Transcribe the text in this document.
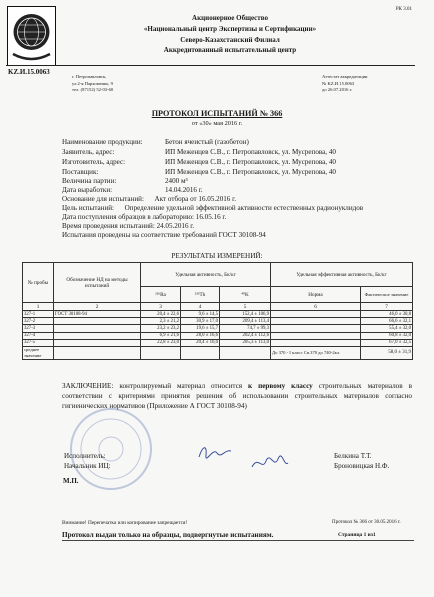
KZ.И.15.0063
РК 3.01
Акционерное Общество
«Национальный центр Экспертизы и Сертификации»
Северо-Казахстанский Филиал
Аккредитованный испытательный центр
г. Петропавловск,
ул.2-я Пархоменко, 9
тел. (87152) 52-03-60
Аттестат аккредитации
№ KZ.И.15.0063
до 26.07.2016 г.
ПРОТОКОЛ ИСПЫТАНИЙ № 366
от «30» мая 2016 г.
Наименование продукции:	Бетон ячеистый (газобетон)
Заявитель, адрес:	ИП Меженцев С.В., г. Петропавловск, ул. Мусрепова, 40
Изготовитель, адрес:	ИП Меженцев С.В., г. Петропавловск, ул. Мусрепова, 40
Поставщик:	ИП Меженцев С.В., г. Петропавловск, ул. Мусрепова, 40
Величина партии:	2400 м³
Дата выработки:	14.04.2016 г.
Основание для испытаний:      Акт отбора от 16.05.2016 г.
Цель испытаний:      Определение удельной эффективной активности естественных радионуклидов
Дата поступления образцов в лабораторию: 16.05.16 г.
Время проведения испытаний: 24.05.2016 г.
Испытания проведены на соответствие требований ГОСТ 30108-94
РЕЗУЛЬТАТЫ ИЗМЕРЕНИЙ:
№ пробы	Обозначение НД на методы испытаний	Удельная активность, Бк/кг			Удельная эффективная активность, Бк/кг	
		²²⁶Ra	²³²Th	⁴⁰K	Норма	Фактическое значение
1	2	3	4	5	6	7
327-1	ГОСТ 30108-94	20,4 ± 22,6	9,6 ± 14,5	152,4 ± 106,9		46,0 ± 30,8
327-2		2,3 ± 21,2	30,9 ± 17,0	209,4 ± 113,4		66,6 ± 32,1
327-3		23,2 ± 23,2	19,6 ± 15,7	74,7 ± 99,3		55,4 ± 32,0
327-4		6,9 ± 21,6	28,0 ± 16,6	202,4 ± 112,6		60,8 ± 32,0
327-5		22,8 ± 23,0	20,4 ± 16,0	205,3 ± 113,0		67,0 ± 32,5
среднее значение					До 370 - I класс Св.370 до 740-2кл.	58,0 ± 31,9
ЗАКЛЮЧЕНИЕ: контролируемый материал относится к первому классу строительных материалов в соответствии с критериями принятия решения об использовании строительных материалов согласно гигиенических нормативов (Приложение А ГОСТ 30108-94)
Исполнитель:
Начальник ИЦ:
М.П.
Белкина Т.Т.
Броновицкая Н.Ф.
Внимание! Перепечатка или копирование запрещается!	Протокол № 366 от 30.05.2016 г.
Протокол выдан только на образцы, подвергнутые испытаниям.	Страница 1 из1
